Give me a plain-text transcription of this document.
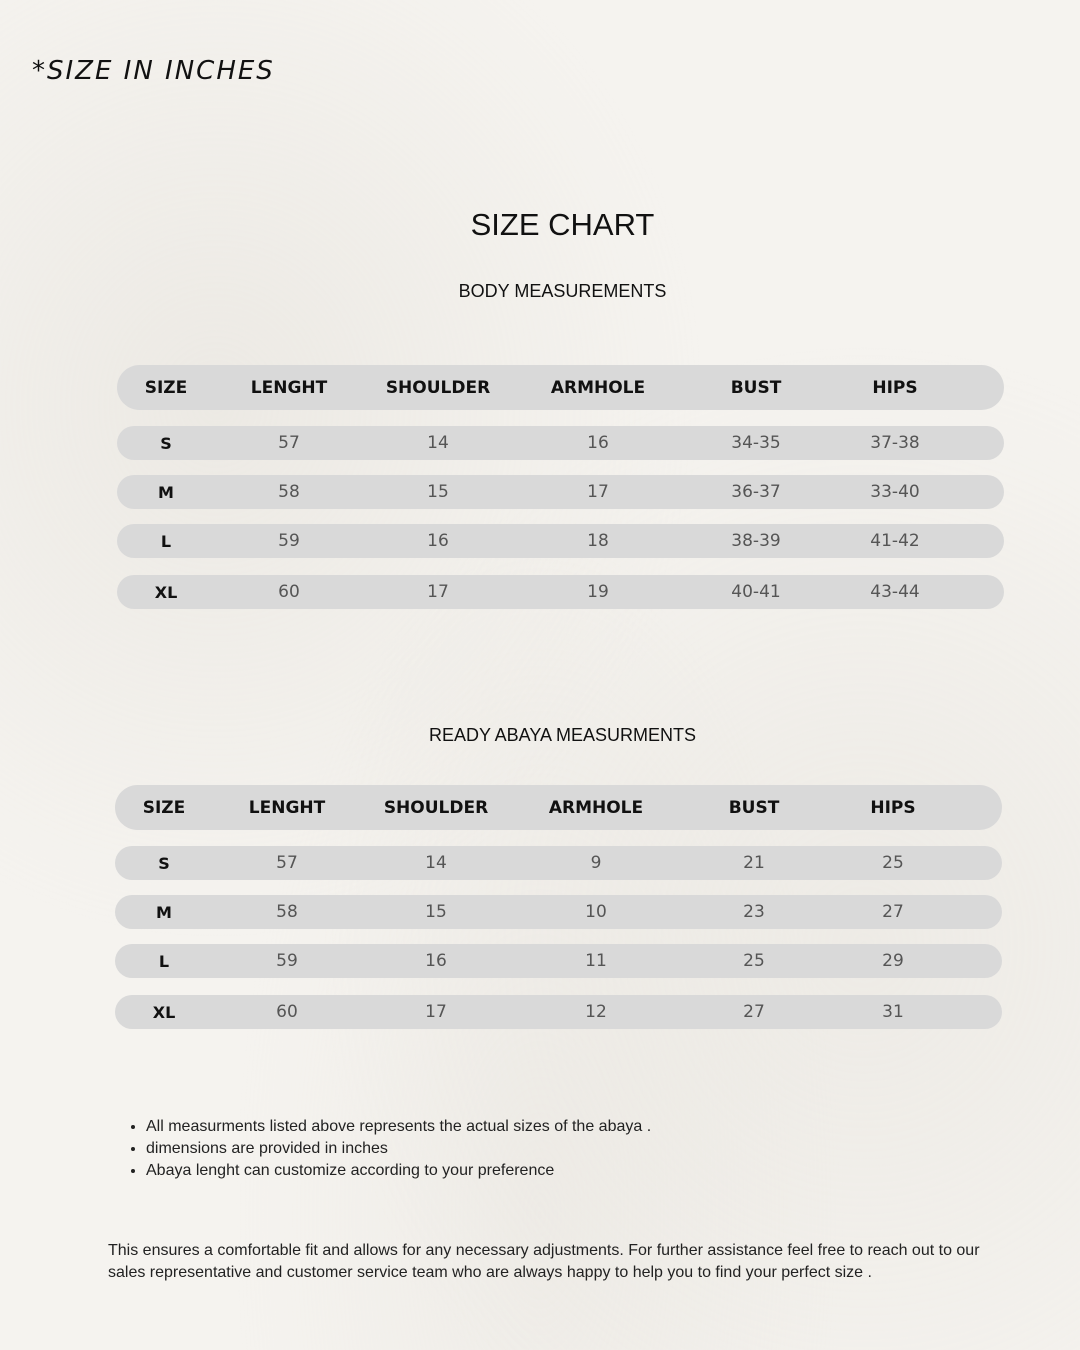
*SIZE IN INCHES
SIZE CHART
BODY MEASUREMENTS
SIZE	LENGHT	SHOULDER	ARMHOLE	BUST	HIPS
S	57	14	16	34-35	37-38
M	58	15	17	36-37	33-40
L	59	16	18	38-39	41-42
XL	60	17	19	40-41	43-44
READY ABAYA MEASURMENTS
SIZE	LENGHT	SHOULDER	ARMHOLE	BUST	HIPS
S	57	14	9	21	25
M	58	15	10	23	27
L	59	16	11	25	29
XL	60	17	12	27	31
• All measurments listed above represents the actual sizes of the abaya .
• dimensions are provided in inches
• Abaya lenght can customize according to your preference
This ensures a comfortable fit and allows for any necessary adjustments. For further assistance feel free to reach out to our sales representative and customer service team who are always happy to help you to find your perfect size .
